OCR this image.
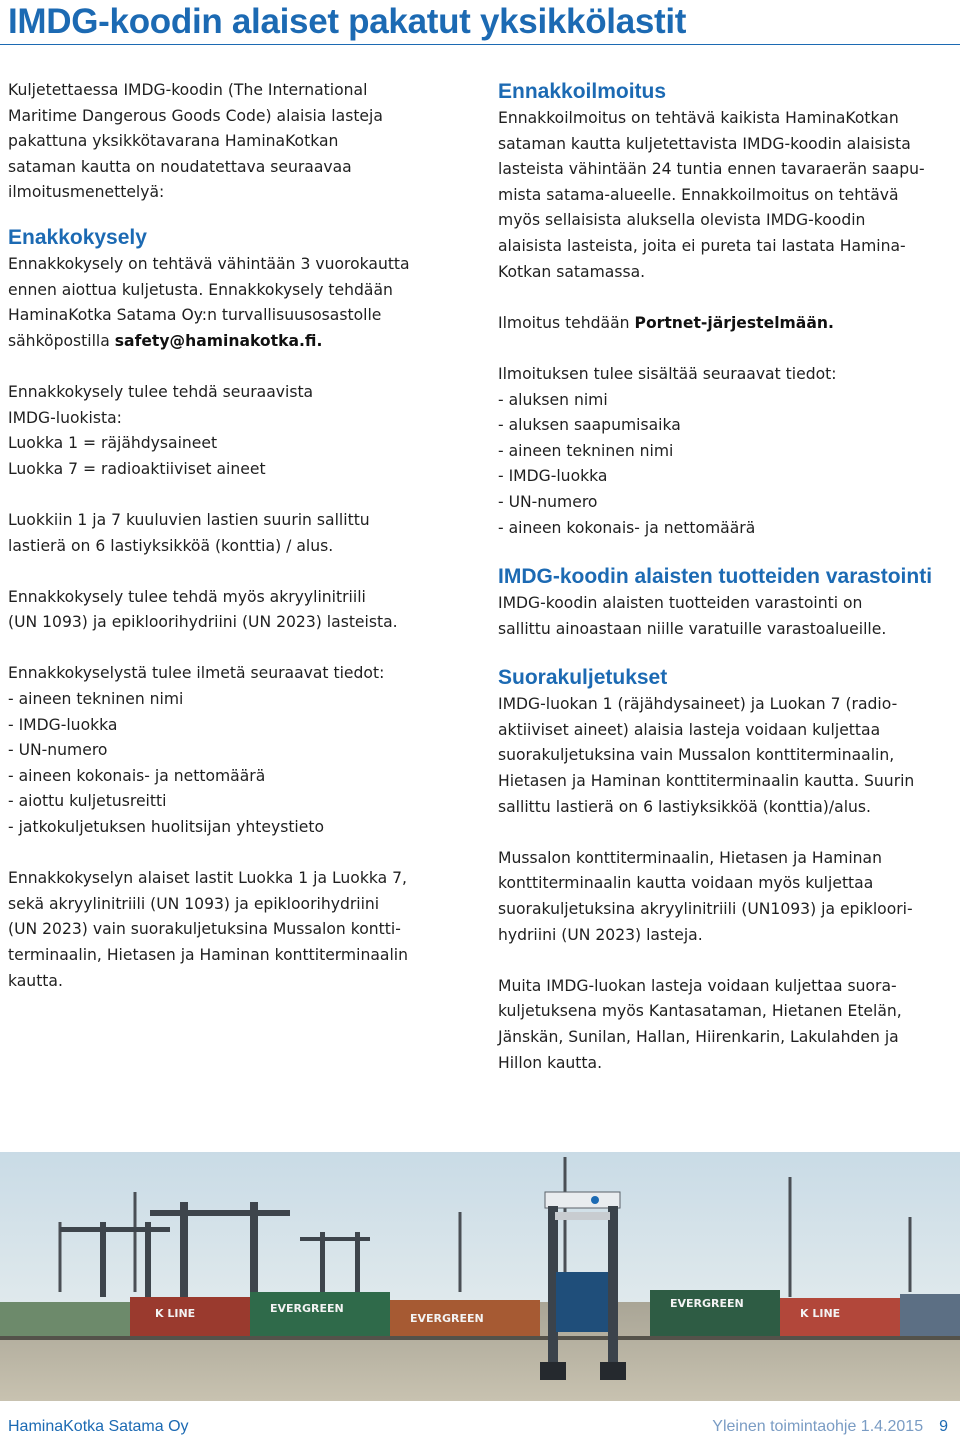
IMDG-koodin alaiset pakatut yksikkölastit

Kuljetettaessa IMDG-koodin (The International
Maritime Dangerous Goods Code) alaisia lasteja
pakattuna yksikkötavarana HaminaKotkan
sataman kautta on noudatettava seuraavaa
ilmoitusmenettelyä:

Enakkokysely

Ennakkokysely on tehtävä vähintään 3 vuorokautta
ennen aiottua kuljetusta. Ennakkokysely tehdään
HaminaKotka Satama Oy:n turvallisuusosastolle
sähköpostilla safety@haminakotka.fi.

Ennakkokysely tulee tehdä seuraavista
IMDG-luokista:
Luokka 1 = räjähdysaineet
Luokka 7 = radioaktiiviset aineet

Luokkiin 1 ja 7 kuuluvien lastien suurin sallittu
lastierä on 6 lastiyksikköä (konttia) / alus.

Ennakkokysely tulee tehdä myös akryylinitriili
(UN 1093) ja epikloorihydriini (UN 2023) lasteista.

Ennakkokyselystä tulee ilmetä seuraavat tiedot:
- aineen tekninen nimi
- IMDG-luokka
- UN-numero
- aineen kokonais- ja nettomäärä
- aiottu kuljetusreitti
- jatkokuljetuksen huolitsijan yhteystieto

Ennakkokyselyn alaiset lastit Luokka 1 ja Luokka 7,
sekä akryylinitriili (UN 1093) ja epikloorihydriini
(UN 2023) vain suorakuljetuksina Mussalon kontti-
terminaalin, Hietasen ja Haminan konttiterminaalin
kautta.

Ennakkoilmoitus

Ennakkoilmoitus on tehtävä kaikista HaminaKotkan
sataman kautta kuljetettavista IMDG-koodin alaisista
lasteista vähintään 24 tuntia ennen tavaraerän saapu-
mista satama-alueelle. Ennakkoilmoitus on tehtävä
myös sellaisista aluksella olevista IMDG-koodin
alaisista lasteista, joita ei pureta tai lastata Hamina-
Kotkan satamassa.

Ilmoitus tehdään Portnet-järjestelmään.

Ilmoituksen tulee sisältää seuraavat tiedot:
- aluksen nimi
- aluksen saapumisaika
- aineen tekninen nimi
- IMDG-luokka
- UN-numero
- aineen kokonais- ja nettomäärä

IMDG-koodin alaisten tuotteiden varastointi

IMDG-koodin alaisten tuotteiden varastointi on
sallittu ainoastaan niille varatuille varastoalueille.

Suorakuljetukset

IMDG-luokan 1 (räjähdysaineet) ja Luokan 7 (radio-
aktiiviset aineet) alaisia lasteja voidaan kuljettaa
suorakuljetuksina vain Mussalon konttiterminaalin,
Hietasen ja Haminan konttiterminaalin kautta. Suurin
sallittu lastierä on 6 lastiyksikköä (konttia)/alus.

Mussalon konttiterminaalin, Hietasen ja Haminan
konttiterminaalin kautta voidaan myös kuljettaa
suorakuljetuksina akryylinitriili (UN1093) ja epikloori-
hydriini (UN 2023) lasteja.

Muita IMDG-luokan lasteja voidaan kuljettaa suora-
kuljetuksena myös Kantasataman, Hietanen Etelän,
Jänskän, Sunilan, Hallan, Hiirenkarin, Lakulahden ja
Hillon kautta.

EVERGREEN
K LINE
EVERGREEN
K LINE
EVERGREEN
HaminaKotka Satama Oy	Yleinen toimintaohje 1.4.2015 9
